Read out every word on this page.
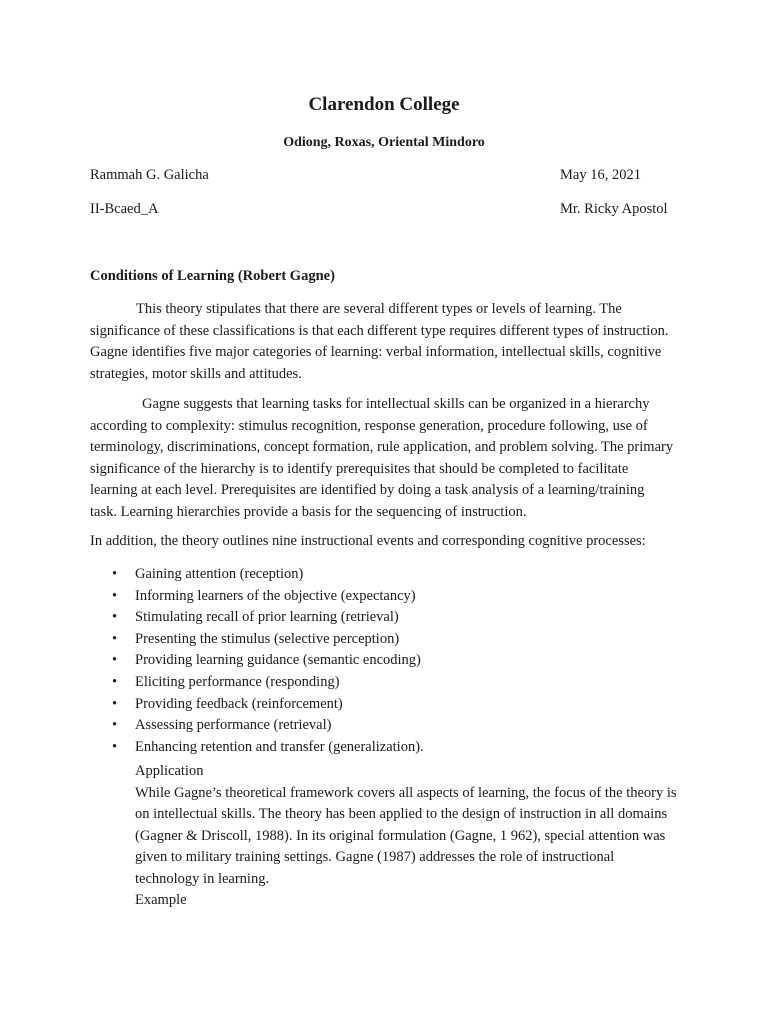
Clarendon College
Odiong, Roxas, Oriental Mindoro
Rammah G. Galicha	May 16, 2021
II-Bcaed_A	Mr. Ricky Apostol
Conditions of Learning (Robert Gagne)

This theory stipulates that there are several different types or levels of learning. The significance of these classifications is that each different type requires different types of instruction. Gagne identifies five major categories of learning: verbal information, intellectual skills, cognitive strategies, motor skills and attitudes.

Gagne suggests that learning tasks for intellectual skills can be organized in a hierarchy according to complexity: stimulus recognition, response generation, procedure following, use of terminology, discriminations, concept formation, rule application, and problem solving. The primary significance of the hierarchy is to identify prerequisites that should be completed to facilitate learning at each level. Prerequisites are identified by doing a task analysis of a learning/training task. Learning hierarchies provide a basis for the sequencing of instruction.

In addition, the theory outlines nine instructional events and corresponding cognitive processes:

• Gaining attention (reception)
• Informing learners of the objective (expectancy)
• Stimulating recall of prior learning (retrieval)
• Presenting the stimulus (selective perception)
• Providing learning guidance (semantic encoding)
• Eliciting performance (responding)
• Providing feedback (reinforcement)
• Assessing performance (retrieval)
• Enhancing retention and transfer (generalization).

Application

While Gagne’s theoretical framework covers all aspects of learning, the focus of the theory is on intellectual skills. The theory has been applied to the design of instruction in all domains (Gagner & Driscoll, 1988). In its original formulation (Gagne, 1 962), special attention was given to military training settings. Gagne (1987) addresses the role of instructional technology in learning.

Example
